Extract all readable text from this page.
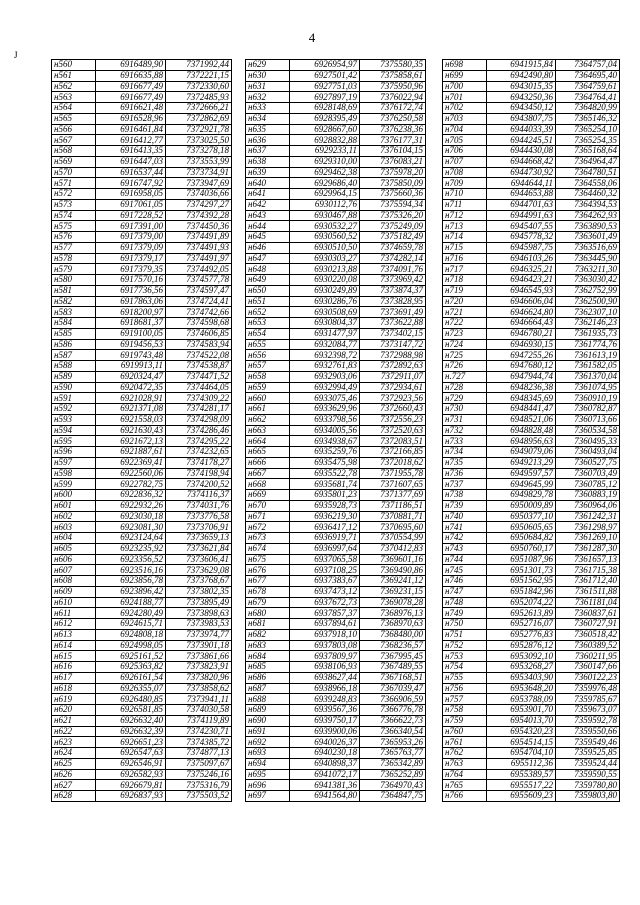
4
J
н560	6916489,90	7371992,44
н561	6916635,88	7372221,15
н562	6916677,49	7372330,60
н563	6916677,49	7372485,93
н564	6916621,48	7372666,21
н565	6916528,96	7372862,69
н566	6916461,84	7372921,78
н567	6916412,77	7373025,50
н568	6916413,35	7373278,18
н569	6916447,03	7373553,99
н570	6916537,44	7373734,91
н571	6916747,92	7373947,69
н572	6916958,05	7374036,66
н573	6917061,05	7374297,27
н574	6917228,52	7374392,28
н575	6917391,00	7374450,36
н576	6917379,00	7374491,89
н577	6917379,09	7374491,93
н578	6917379,17	7374491,97
н579	6917379,35	7374492,05
н580	6917570,16	7374577,78
н581	6917736,56	7374597,47
н582	6917863,06	7374724,41
н583	6918200,97	7374742,66
н584	6918681,37	7374598,68
н585	6919100,05	7374606,85
н586	6919456,53	7374583,94
н587	6919743,48	7374522,08
н588	6919913,11	7374538,87
н589	6920324,47	7374471,52
н590	6920472,35	7374464,05
н591	6921028,91	7374309,22
н592	6921371,08	7374281,17
н593	6921558,03	7374298,09
н594	6921630,43	7374286,46
н595	6921672,13	7374295,22
н596	6921887,61	7374232,65
н597	6922369,41	7374178,27
н598	6922560,06	7374198,94
н599	6922782,75	7374200,52
н600	6922836,32	7374116,37
н601	6922932,26	7374031,76
н602	6923030,18	7373776,58
н603	6923081,30	7373706,91
н604	6923124,64	7373659,13
н605	6923235,92	7373621,84
н606	6923356,52	7373606,41
н607	6923516,16	7373629,08
н608	6923856,78	7373768,67
н609	6923896,42	7373802,35
н610	6924188,77	7373895,49
н611	6924280,49	7373898,63
н612	6924615,71	7373983,53
н613	6924808,18	7373974,77
н614	6924998,05	7373901,18
н615	6925161,52	7373861,66
н616	6925363,82	7373823,91
н617	6926161,54	7373820,96
н618	6926355,07	7373858,62
н619	6926480,85	7373941,11
н620	6926581,85	7374030,58
н621	6926632,40	7374119,89
н622	6926632,39	7374230,71
н623	6926651,23	7374385,72
н624	6926547,63	7374877,13
н625	6926546,91	7375097,67
н626	6926582,93	7375246,16
н627	6926679,81	7375316,79
н628	6926837,93	7375503,52
н629	6926954,97	7375580,35
н630	6927501,42	7375858,61
н631	6927751,03	7375950,96
н632	6927897,19	7376022,94
н633	6928148,69	7376172,74
н634	6928395,49	7376250,58
н635	6928667,60	7376238,36
н636	6928832,88	7376177,31
н637	6929233,11	7376104,15
н638	6929310,00	7376083,21
н639	6929462,38	7375978,20
н640	6929686,40	7375850,09
н641	6929964,15	7375660,36
н642	6930112,76	7375594,34
н643	6930467,88	7375326,20
н644	6930532,27	7375249,09
н645	6930560,52	7375182,49
н646	6930510,50	7374659,78
н647	6930303,27	7374282,14
н648	6930213,88	7374091,76
н649	6930220,08	7373969,42
н650	6930249,89	7373874,37
н651	6930286,76	7373828,95
н652	6930508,69	7373691,49
н653	6930804,37	7373622,88
н654	6931477,97	7373402,15
н655	6932084,77	7373147,72
н656	6932398,72	7372988,98
н657	6932761,83	7372892,63
н658	6932903,06	7372911,07
н659	6932994,49	7372934,61
н660	6933075,46	7372923,56
н661	6933629,96	7372660,43
н662	6933798,56	7372556,23
н663	6934005,56	7372520,63
н664	6934938,67	7372083,51
н665	6935259,76	7372166,85
н666	6935475,98	7372018,62
н667	6935522,78	7371955,78
н668	6935681,74	7371607,65
н669	6935801,23	7371377,69
н670	6935928,73	7371186,51
н671	6936219,30	7370881,71
н672	6936417,12	7370695,60
н673	6936919,71	7370554,99
н674	6936997,64	7370412,83
н675	6937065,58	7369601,16
н676	6937108,25	7369490,86
н677	6937383,67	7369241,12
н678	6937473,12	7369231,15
н679	6937672,73	7369078,28
н680	6937857,37	7368976,13
н681	6937894,61	7368970,63
н682	6937918,10	7368480,00
н683	6937803,08	7368236,57
н684	6937809,97	7367995,45
н685	6938106,93	7367489,55
н686	6938627,44	7367168,51
н687	6938966,18	7367039,47
н688	6939248,83	7366906,59
н689	6939567,36	7366776,78
н690	6939750,17	7366622,73
н691	6939900,06	7366340,54
н692	6940026,37	7365953,26
н693	6940230,18	7365763,77
н694	6940898,37	7365342,89
н695	6941072,17	7365252,89
н696	6941381,36	7364970,43
н697	6941564,80	7364847,75
н698	6941915,84	7364757,04
н699	6942490,80	7364695,40
н700	6943015,35	7364759,61
н701	6943250,36	7364764,41
н702	6943450,12	7364820,99
н703	6943807,75	7365146,32
н704	6944033,39	7365254,10
н705	6944245,51	7365254,35
н706	6944430,08	7365168,64
н707	6944668,42	7364964,47
н708	6944730,92	7364780,51
н709	6944644,11	7364558,06
н710	6944653,88	7364460,32
н711	6944701,63	7364394,53
н712	6944991,63	7364262,93
н713	6945407,55	7363890,53
н714	6945778,32	7363601,49
н715	6945987,75	7363516,69
н716	6946103,26	7363445,90
н717	6946325,21	7363211,30
н718	6946423,21	7363030,42
н719	6946545,93	7362752,99
н720	6946606,04	7362500,90
н721	6946624,80	7362307,10
н722	6946664,43	7362146,23
н723	6946780,21	7361935,73
н724	6946930,15	7361774,76
н725	6947255,26	7361613,19
н726	6947680,12	7361582,05
н.727	6947944,74	7361370,04
н728	6948236,38	7361074,95
н729	6948345,69	7360910,19
н730	6948441,47	7360782,87
н731	6948521,06	7360713,66
н732	6948828,48	7360534,58
н733	6948956,63	7360495,33
н734	6949079,06	7360493,04
н735	6949213,29	7360527,75
н736	6949597,57	7360703,49
н737	6949645,99	7360785,12
н738	6949829,78	7360883,19
н739	6950009,89	7360964,06
н740	6950377,10	7361242,31
н741	6950605,65	7361298,97
н742	6950684,82	7361269,10
н743	6950760,17	7361287,30
н744	6951087,96	7361657,13
н745	6951301,73	7361715,38
н746	6951562,95	7361712,40
н747	6951842,96	7361511,88
н748	6952074,22	7361181,04
н749	6952613,89	7360837,61
н750	6952716,07	7360727,91
н751	6952776,83	7360518,42
н752	6952876,12	7360389,52
н753	6953092,10	7360211,95
н754	6953268,27	7360147,66
н755	6953403,90	7360122,23
н756	6953648,20	7359976,48
н757	6953788,09	7359785,67
н758	6953901,70	7359673,07
н759	6954013,70	7359592,78
н760	6954320,23	7359550,66
н761	6954514,15	7359549,46
н762	6954704,10	7359525,85
н763	6955112,36	7359524,44
н764	6955389,57	7359590,55
н765	6955517,22	7359780,80
н766	6955609,23	7359803,80
